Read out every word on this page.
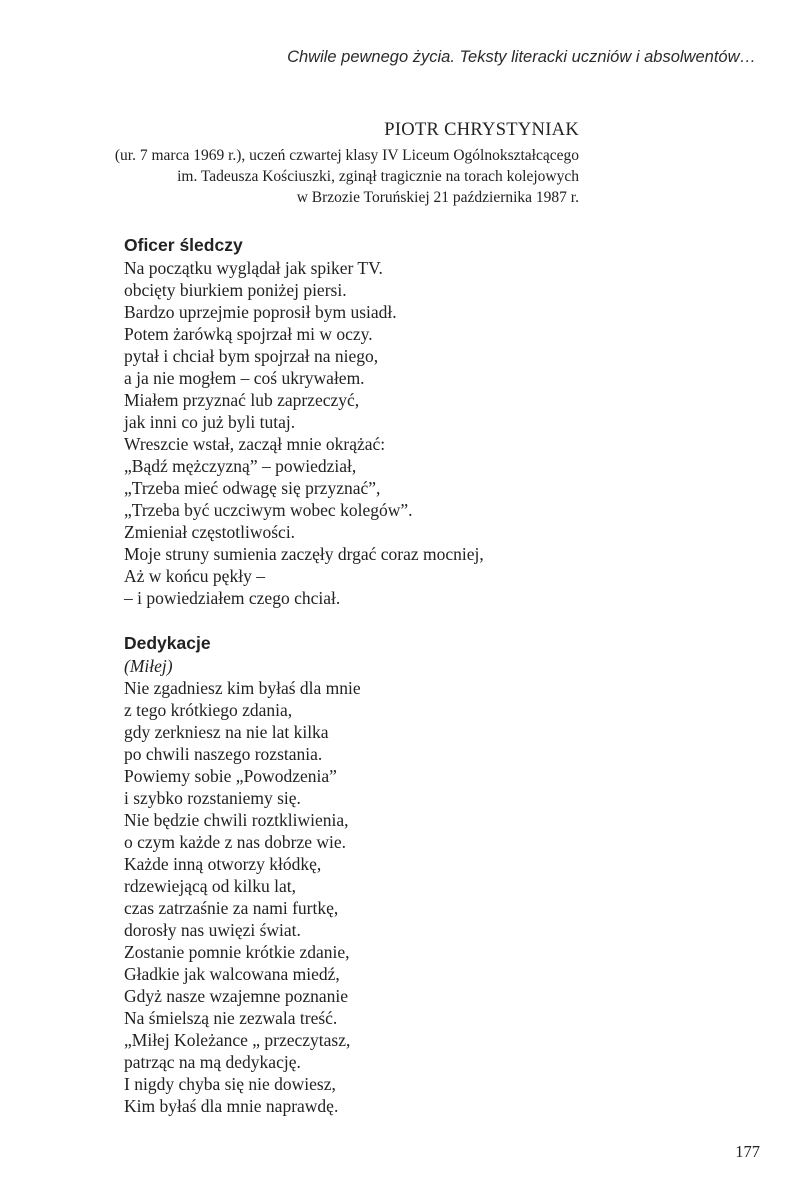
Chwile pewnego życia. Teksty literacki uczniów i absolwentów…
PIOTR CHRYSTYNIAK
(ur. 7 marca 1969 r.), uczeń czwartej klasy IV Liceum Ogólnokształcącego
im. Tadeusza Kościuszki, zginął tragicznie na torach kolejowych
w Brzozie Toruńskiej 21 października 1987 r.
Oficer śledczy
Na początku wyglądał jak spiker TV.
obcięty biurkiem poniżej piersi.
Bardzo uprzejmie poprosił bym usiadł.
Potem żarówką spojrzał mi w oczy.
pytał i chciał bym spojrzał na niego,
a ja nie mogłem – coś ukrywałem.
Miałem przyznać lub zaprzeczyć,
jak inni co już byli tutaj.
Wreszcie wstał, zaczął mnie okrążać:
„Bądź mężczyzną” – powiedział,
„Trzeba mieć odwagę się przyznać”,
„Trzeba być uczciwym wobec kolegów”.
Zmieniał częstotliwości.
Moje struny sumienia zaczęły drgać coraz mocniej,
Aż w końcu pękły –
– i powiedziałem czego chciał.
Dedykacje
(Miłej)
Nie zgadniesz kim byłaś dla mnie
z tego krótkiego zdania,
gdy zerkniesz na nie lat kilka
po chwili naszego rozstania.
Powiemy sobie „Powodzenia”
i szybko rozstaniemy się.
Nie będzie chwili roztkliwienia,
o czym każde z nas dobrze wie.
Każde inną otworzy kłódkę,
rdzewiejącą od kilku lat,
czas zatrzaśnie za nami furtkę,
dorosły nas uwięzi świat.
Zostanie pomnie krótkie zdanie,
Gładkie jak walcowana miedź,
Gdyż nasze wzajemne poznanie
Na śmielszą nie zezwala treść.
„Miłej Koleżance „ przeczytasz,
patrząc na mą dedykację.
I nigdy chyba się nie dowiesz,
Kim byłaś dla mnie naprawdę.
177
